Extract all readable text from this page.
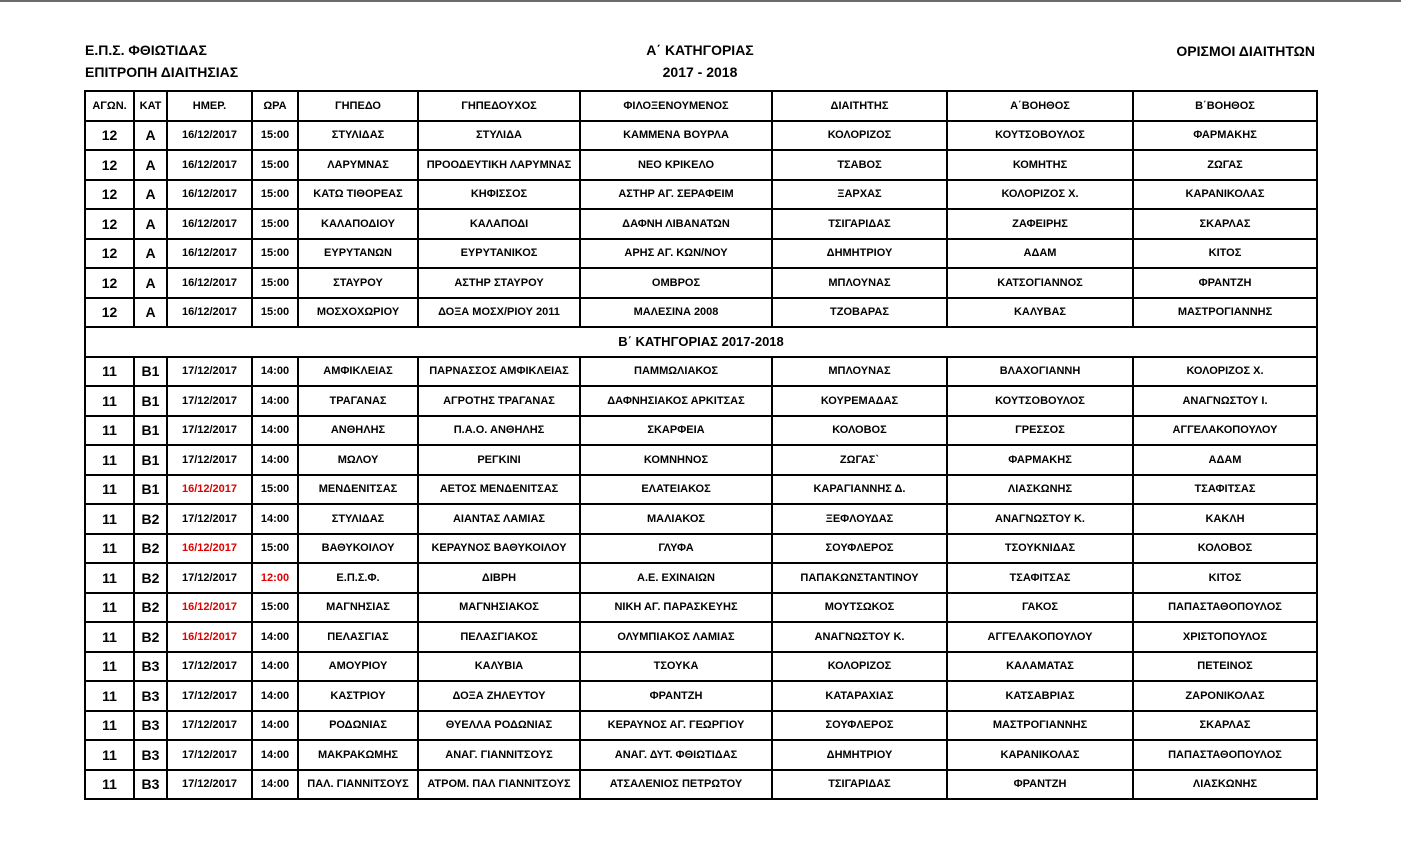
Ε.Π.Σ. ΦΘΙΩΤΙΔΑΣ
ΕΠΙΤΡΟΠΗ ΔΙΑΙΤΗΣΙΑΣ
Α΄ ΚΑΤΗΓΟΡΙΑΣ
2017 - 2018
ΟΡΙΣΜΟΙ ΔΙΑΙΤΗΤΩΝ
ΑΓΩΝ.	ΚΑΤ	ΗΜΕΡ.	ΩΡΑ	ΓΗΠΕΔΟ	ΓΗΠΕΔΟΥΧΟΣ	ΦΙΛΟΞΕΝΟΥΜΕΝΟΣ	ΔΙΑΙΤΗΤΗΣ	Α΄ΒΟΗΘΟΣ	Β΄ΒΟΗΘΟΣ
12	Α	16/12/2017	15:00	ΣΤΥΛΙΔΑΣ	ΣΤΥΛΙΔΑ	ΚΑΜΜΕΝΑ ΒΟΥΡΛΑ	ΚΟΛΟΡΙΖΟΣ	ΚΟΥΤΣΟΒΟΥΛΟΣ	ΦΑΡΜΑΚΗΣ
12	Α	16/12/2017	15:00	ΛΑΡΥΜΝΑΣ	ΠΡΟΟΔΕΥΤΙΚΗ ΛΑΡΥΜΝΑΣ	ΝΕΟ ΚΡΙΚΕΛΟ	ΤΣΑΒΟΣ	ΚΟΜΗΤΗΣ	ΖΩΓΑΣ
12	Α	16/12/2017	15:00	ΚΑΤΩ ΤΙΘΟΡΕΑΣ	ΚΗΦΙΣΣΟΣ	ΑΣΤΗΡ ΑΓ. ΣΕΡΑΦΕΙΜ	ΞΑΡΧΑΣ	ΚΟΛΟΡΙΖΟΣ Χ.	ΚΑΡΑΝΙΚΟΛΑΣ
12	Α	16/12/2017	15:00	ΚΑΛΑΠΟΔΙΟΥ	ΚΑΛΑΠΟΔΙ	ΔΑΦΝΗ ΛΙΒΑΝΑΤΩΝ	ΤΣΙΓΑΡΙΔΑΣ	ΖΑΦΕΙΡΗΣ	ΣΚΑΡΛΑΣ
12	Α	16/12/2017	15:00	ΕΥΡΥΤΑΝΩΝ	ΕΥΡΥΤΑΝΙΚΟΣ	ΑΡΗΣ ΑΓ. ΚΩΝ/ΝΟΥ	ΔΗΜΗΤΡΙΟΥ	ΑΔΑΜ	ΚΙΤΟΣ
12	Α	16/12/2017	15:00	ΣΤΑΥΡΟΥ	ΑΣΤΗΡ ΣΤΑΥΡΟΥ	ΟΜΒΡΟΣ	ΜΠΛΟΥΝΑΣ	ΚΑΤΣΟΓΙΑΝΝΟΣ	ΦΡΑΝΤΖΗ
12	Α	16/12/2017	15:00	ΜΟΣΧΟΧΩΡΙΟΥ	ΔΟΞΑ ΜΟΣΧ/ΡΙΟΥ 2011	ΜΑΛΕΣΙΝΑ 2008	ΤΖΟΒΑΡΑΣ	ΚΑΛΥΒΑΣ	ΜΑΣΤΡΟΓΙΑΝΝΗΣ
Β΄ ΚΑΤΗΓΟΡΙΑΣ 2017-2018									
11	Β1	17/12/2017	14:00	ΑΜΦΙΚΛΕΙΑΣ	ΠΑΡΝΑΣΣΟΣ ΑΜΦΙΚΛΕΙΑΣ	ΠΑΜΜΩΛΙΑΚΟΣ	ΜΠΛΟΥΝΑΣ	ΒΛΑΧΟΓΙΑΝΝΗ	ΚΟΛΟΡΙΖΟΣ Χ.
11	Β1	17/12/2017	14:00	ΤΡΑΓΑΝΑΣ	ΑΓΡΟΤΗΣ ΤΡΑΓΑΝΑΣ	ΔΑΦΝΗΣΙΑΚΟΣ ΑΡΚΙΤΣΑΣ	ΚΟΥΡΕΜΑΔΑΣ	ΚΟΥΤΣΟΒΟΥΛΟΣ	ΑΝΑΓΝΩΣΤΟΥ Ι.
11	Β1	17/12/2017	14:00	ΑΝΘΗΛΗΣ	Π.Α.Ο. ΑΝΘΗΛΗΣ	ΣΚΑΡΦΕΙΑ	ΚΟΛΟΒΟΣ	ΓΡΕΣΣΟΣ	ΑΓΓΕΛΑΚΟΠΟΥΛΟΥ
11	Β1	17/12/2017	14:00	ΜΩΛΟΥ	ΡΕΓΚΙΝΙ	ΚΟΜΝΗΝΟΣ	ΖΩΓΑΣ`	ΦΑΡΜΑΚΗΣ	ΑΔΑΜ
11	Β1	16/12/2017	15:00	ΜΕΝΔΕΝΙΤΣΑΣ	ΑΕΤΟΣ ΜΕΝΔΕΝΙΤΣΑΣ	ΕΛΑΤΕΙΑΚΟΣ	ΚΑΡΑΓΙΑΝΝΗΣ Δ.	ΛΙΑΣΚΩΝΗΣ	ΤΣΑΦΙΤΣΑΣ
11	Β2	17/12/2017	14:00	ΣΤΥΛΙΔΑΣ	ΑΙΑΝΤΑΣ ΛΑΜΙΑΣ	ΜΑΛΙΑΚΟΣ	ΞΕΦΛΟΥΔΑΣ	ΑΝΑΓΝΩΣΤΟΥ Κ.	ΚΑΚΛΗ
11	Β2	16/12/2017	15:00	ΒΑΘΥΚΟΙΛΟΥ	ΚΕΡΑΥΝΟΣ ΒΑΘΥΚΟΙΛΟΥ	ΓΛΥΦΑ	ΣΟΥΦΛΕΡΟΣ	ΤΣΟΥΚΝΙΔΑΣ	ΚΟΛΟΒΟΣ
11	Β2	17/12/2017	12:00	Ε.Π.Σ.Φ.	ΔΙΒΡΗ	Α.Ε. ΕΧΙΝΑΙΩΝ	ΠΑΠΑΚΩΝΣΤΑΝΤΙΝΟΥ	ΤΣΑΦΙΤΣΑΣ	ΚΙΤΟΣ
11	Β2	16/12/2017	15:00	ΜΑΓΝΗΣΙΑΣ	ΜΑΓΝΗΣΙΑΚΟΣ	ΝΙΚΗ ΑΓ. ΠΑΡΑΣΚΕΥΗΣ	ΜΟΥΤΣΩΚΟΣ	ΓΑΚΟΣ	ΠΑΠΑΣΤΑΘΟΠΟΥΛΟΣ
11	Β2	16/12/2017	14:00	ΠΕΛΑΣΓΙΑΣ	ΠΕΛΑΣΓΙΑΚΟΣ	ΟΛΥΜΠΙΑΚΟΣ ΛΑΜΙΑΣ	ΑΝΑΓΝΩΣΤΟΥ Κ.	ΑΓΓΕΛΑΚΟΠΟΥΛΟΥ	ΧΡΙΣΤΟΠΟΥΛΟΣ
11	Β3	17/12/2017	14:00	ΑΜΟΥΡΙΟΥ	ΚΑΛΥΒΙΑ	ΤΣΟΥΚΑ	ΚΟΛΟΡΙΖΟΣ	ΚΑΛΑΜΑΤΑΣ	ΠΕΤΕΙΝΟΣ
11	Β3	17/12/2017	14:00	ΚΑΣΤΡΙΟΥ	ΔΟΞΑ ΖΗΛΕΥΤΟΥ	ΦΡΑΝΤΖΗ	ΚΑΤΑΡΑΧΙΑΣ	ΚΑΤΣΑΒΡΙΑΣ	ΖΑΡΟΝΙΚΟΛΑΣ
11	Β3	17/12/2017	14:00	ΡΟΔΩΝΙΑΣ	ΘΥΕΛΛΑ ΡΟΔΩΝΙΑΣ	ΚΕΡΑΥΝΟΣ ΑΓ. ΓΕΩΡΓΙΟΥ	ΣΟΥΦΛΕΡΟΣ	ΜΑΣΤΡΟΓΙΑΝΝΗΣ	ΣΚΑΡΛΑΣ
11	Β3	17/12/2017	14:00	ΜΑΚΡΑΚΩΜΗΣ	ΑΝΑΓ. ΓΙΑΝΝΙΤΣΟΥΣ	ΑΝΑΓ. ΔΥΤ. ΦΘΙΩΤΙΔΑΣ	ΔΗΜΗΤΡΙΟΥ	ΚΑΡΑΝΙΚΟΛΑΣ	ΠΑΠΑΣΤΑΘΟΠΟΥΛΟΣ
11	Β3	17/12/2017	14:00	ΠΑΛ. ΓΙΑΝΝΙΤΣΟΥΣ	ΑΤΡΟΜ. ΠΑΛ ΓΙΑΝΝΙΤΣΟΥΣ	ΑΤΣΑΛΕΝΙΟΣ ΠΕΤΡΩΤΟΥ	ΤΣΙΓΑΡΙΔΑΣ	ΦΡΑΝΤΖΗ	ΛΙΑΣΚΩΝΗΣ
